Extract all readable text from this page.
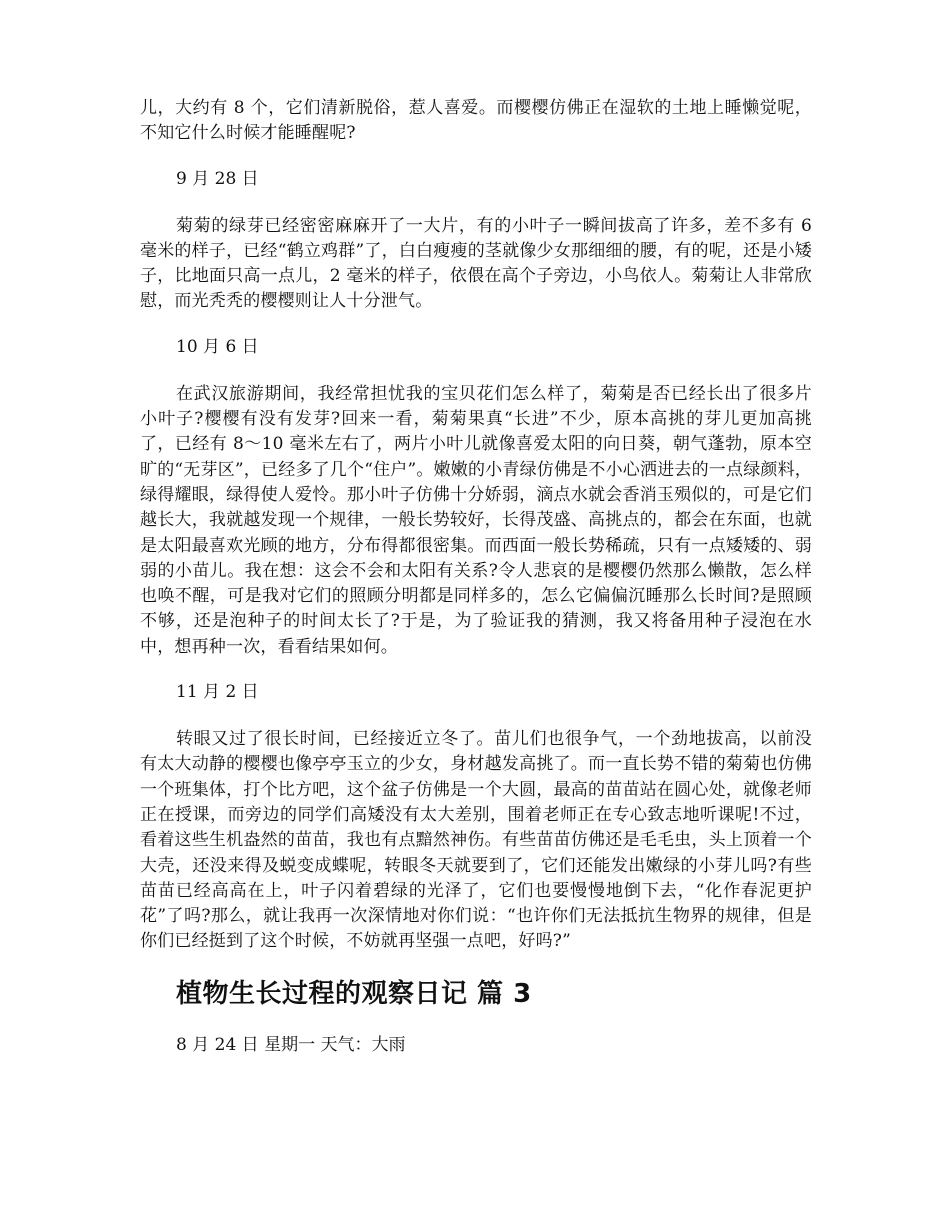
儿，大约有 8 个，它们清新脱俗，惹人喜爱。而樱樱仿佛正在湿软的土地上睡懒觉呢，不知它什么时候才能睡醒呢?

9 月 28 日

菊菊的绿芽已经密密麻麻开了一大片，有的小叶子一瞬间拔高了许多，差不多有 6 毫米的样子，已经“鹤立鸡群”了，白白瘦瘦的茎就像少女那细细的腰，有的呢，还是小矮子，比地面只高一点儿，2 毫米的样子，依偎在高个子旁边，小鸟依人。菊菊让人非常欣慰，而光秃秃的樱樱则让人十分泄气。

10 月 6 日

在武汉旅游期间，我经常担忧我的宝贝花们怎么样了，菊菊是否已经长出了很多片小叶子?樱樱有没有发芽?回来一看，菊菊果真“长进”不少，原本高挑的芽儿更加高挑了，已经有 8～10 毫米左右了，两片小叶儿就像喜爱太阳的向日葵，朝气蓬勃，原本空旷的“无芽区”，已经多了几个“住户”。嫩嫩的小青绿仿佛是不小心洒进去的一点绿颜料，绿得耀眼，绿得使人爱怜。那小叶子仿佛十分娇弱，滴点水就会香消玉殒似的，可是它们越长大，我就越发现一个规律，一般长势较好，长得茂盛、高挑点的，都会在东面，也就是太阳最喜欢光顾的地方，分布得都很密集。而西面一般长势稀疏，只有一点矮矮的、弱弱的小苗儿。我在想：这会不会和太阳有关系?令人悲哀的是樱樱仍然那么懒散，怎么样也唤不醒，可是我对它们的照顾分明都是同样多的，怎么它偏偏沉睡那么长时间?是照顾不够，还是泡种子的时间太长了?于是，为了验证我的猜测，我又将备用种子浸泡在水中，想再种一次，看看结果如何。

11 月 2 日

转眼又过了很长时间，已经接近立冬了。苗儿们也很争气，一个劲地拔高，以前没有太大动静的樱樱也像亭亭玉立的少女，身材越发高挑了。而一直长势不错的菊菊也仿佛一个班集体，打个比方吧，这个盆子仿佛是一个大圆，最高的苗苗站在圆心处，就像老师正在授课，而旁边的同学们高矮没有太大差别，围着老师正在专心致志地听课呢!不过，看着这些生机盎然的苗苗，我也有点黯然神伤。有些苗苗仿佛还是毛毛虫，头上顶着一个大壳，还没来得及蜕变成蝶呢，转眼冬天就要到了，它们还能发出嫩绿的小芽儿吗?有些苗苗已经高高在上，叶子闪着碧绿的光泽了，它们也要慢慢地倒下去，“化作春泥更护花”了吗?那么，就让我再一次深情地对你们说：“也许你们无法抵抗生物界的规律，但是你们已经挺到了这个时候，不妨就再坚强一点吧，好吗?”

植物生长过程的观察日记 篇 3

8 月 24 日 星期一 天气：大雨
